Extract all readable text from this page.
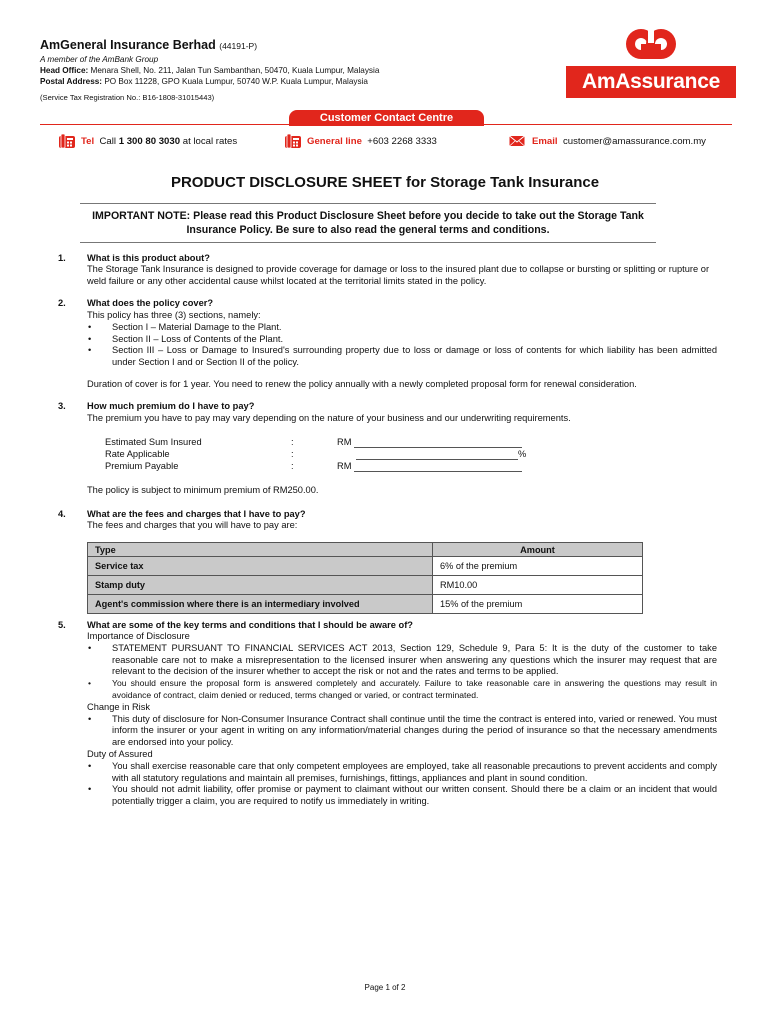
AmGeneral Insurance Berhad (44191-P)
A member of the AmBank Group
Head Office: Menara Shell, No. 211, Jalan Tun Sambanthan, 50470, Kuala Lumpur, Malaysia
Postal Address: PO Box 11228, GPO Kuala Lumpur, 50740 W.P. Kuala Lumpur, Malaysia
(Service Tax Registration No.: B16-1808-31015443)
AmAssurance
Customer Contact Centre
Tel Call 1 300 80 3030 at local rates	General line +603 2268 3333	Email customer@amassurance.com.my
PRODUCT DISCLOSURE SHEET for Storage Tank Insurance
IMPORTANT NOTE: Please read this Product Disclosure Sheet before you decide to take out the Storage Tank
Insurance Policy. Be sure to also read the general terms and conditions.
1. What is this product about?
The Storage Tank Insurance is designed to provide coverage for damage or loss to the insured plant due to collapse or bursting or splitting or rupture or weld failure or any other accidental cause whilst located at the territorial limits stated in the policy.
2. What does the policy cover?
This policy has three (3) sections, namely:
• Section I – Material Damage to the Plant.
• Section II – Loss of Contents of the Plant.
• Section III – Loss or Damage to Insured's surrounding property due to loss or damage or loss of contents for which liability has been admitted under Section I and or Section II of the policy.
Duration of cover is for 1 year. You need to renew the policy annually with a newly completed proposal form for renewal consideration.
3. How much premium do I have to pay?
The premium you have to pay may vary depending on the nature of your business and our underwriting requirements.
Estimated Sum Insured	:	RM
Rate Applicable	:	%
Premium Payable	:	RM
The policy is subject to minimum premium of RM250.00.
4. What are the fees and charges that I have to pay?
The fees and charges that you will have to pay are:
Type	Amount
Service tax	6% of the premium
Stamp duty	RM10.00
Agent's commission where there is an intermediary involved	15% of the premium
5. What are some of the key terms and conditions that I should be aware of?
Importance of Disclosure
• STATEMENT PURSUANT TO FINANCIAL SERVICES ACT 2013, Section 129, Schedule 9, Para 5: It is the duty of the customer to take reasonable care not to make a misrepresentation to the licensed insurer when answering any questions which the insurer may request that are relevant to the decision of the insurer whether to accept the risk or not and the rates and terms to be applied.
• You should ensure the proposal form is answered completely and accurately. Failure to take reasonable care in answering the questions may result in avoidance of contract, claim denied or reduced, terms changed or varied, or contract terminated.
Change in Risk
• This duty of disclosure for Non-Consumer Insurance Contract shall continue until the time the contract is entered into, varied or renewed. You must inform the insurer or your agent in writing on any information/material changes during the period of insurance so that the necessary amendments are endorsed into your policy.
Duty of Assured
• You shall exercise reasonable care that only competent employees are employed, take all reasonable precautions to prevent accidents and comply with all statutory regulations and maintain all premises, furnishings, fittings, appliances and plant in sound condition.
• You should not admit liability, offer promise or payment to claimant without our written consent. Should there be a claim or an incident that would potentially trigger a claim, you are required to notify us immediately in writing.
Page 1 of 2
